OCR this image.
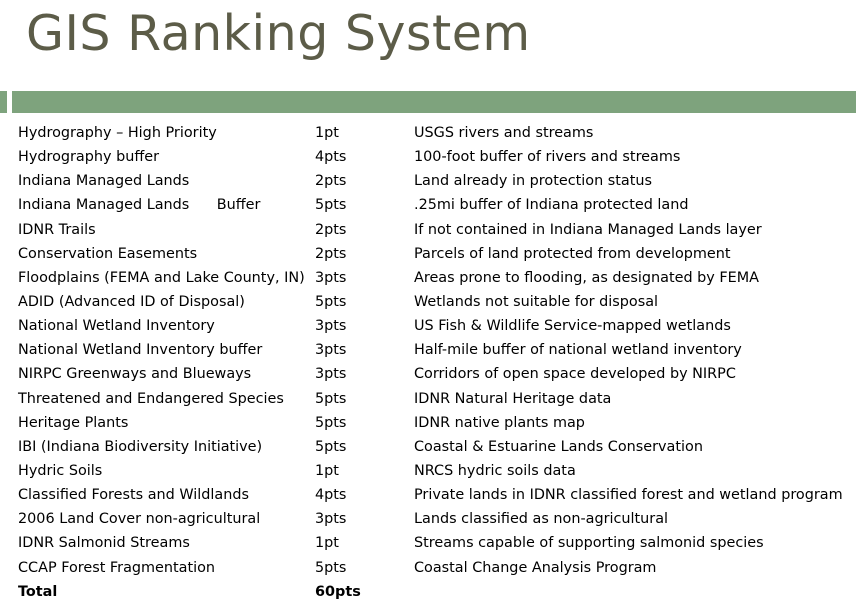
GIS Ranking System
Hydrography – High Priority	1pt	USGS rivers and streams
Hydrography buffer	4pts	100-foot buffer of rivers and streams
Indiana Managed Lands	2pts	Land already in protection status
Indiana Managed Lands      Buffer	5pts	.25mi buffer of Indiana protected land
IDNR Trails	2pts	If not contained in Indiana Managed Lands layer
Conservation Easements	2pts	Parcels of land protected from development
Floodplains (FEMA and Lake County, IN) 3pts	Areas prone to flooding, as designated by FEMA
ADID (Advanced ID of Disposal)	5pts	Wetlands not suitable for disposal
National Wetland Inventory	3pts	US Fish & Wildlife Service-mapped wetlands
National Wetland Inventory buffer	3pts	Half-mile buffer of national wetland inventory
NIRPC Greenways and Blueways	3pts	Corridors of open space developed by NIRPC
Threatened and Endangered Species 5pts	IDNR Natural Heritage data
Heritage Plants	5pts	IDNR native plants map
IBI (Indiana Biodiversity Initiative)	5pts	Coastal & Estuarine Lands Conservation
Hydric Soils	1pt	NRCS hydric soils data
Classified Forests and Wildlands	4pts	Private lands in IDNR classified forest and wetland program
2006 Land Cover non-agricultural	3pts	Lands classified as non-agricultural
IDNR Salmonid Streams	1pt	Streams capable of supporting salmonid species
CCAP Forest Fragmentation	5pts	Coastal Change Analysis Program
Total	60pts
